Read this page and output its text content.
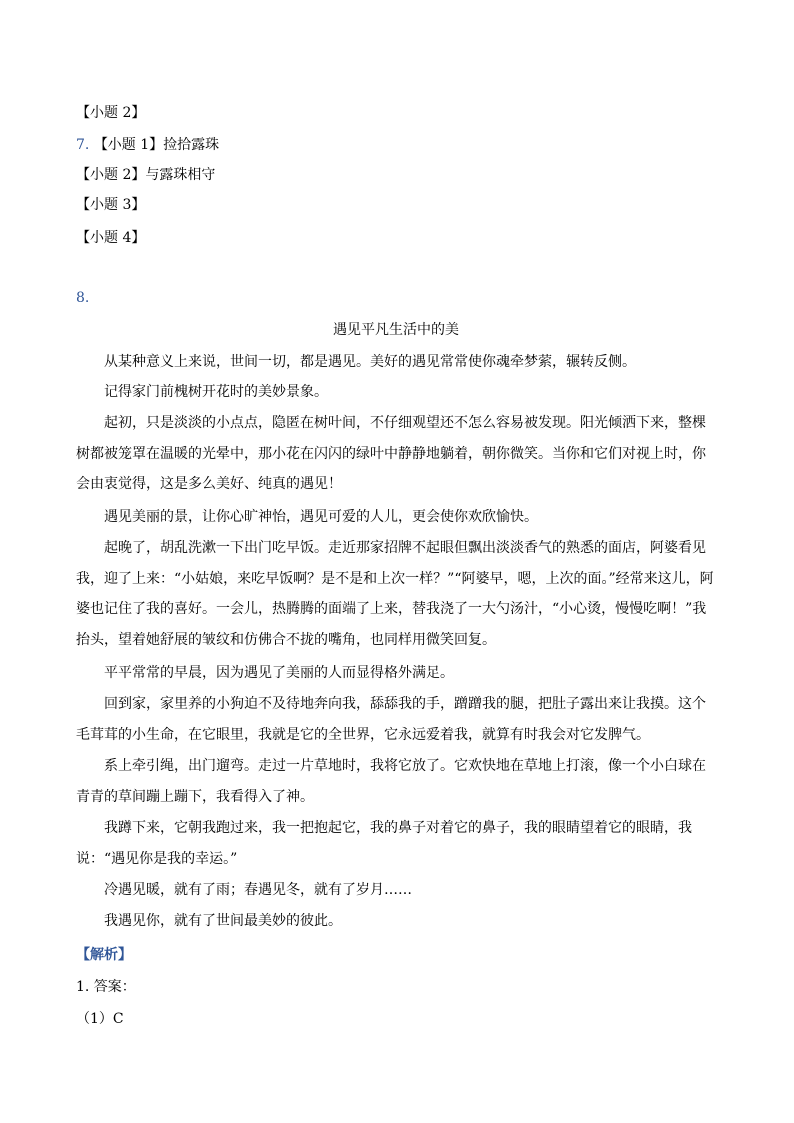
【小题 2】
7. 【小题 1】捡拾露珠
【小题 2】与露珠相守
【小题 3】
【小题 4】
8.
遇见平凡生活中的美
从某种意义上来说，世间一切，都是遇见。美好的遇见常常使你魂牵梦萦，辗转反侧。
记得家门前槐树开花时的美妙景象。
起初，只是淡淡的小点点，隐匿在树叶间，不仔细观望还不怎么容易被发现。阳光倾洒下来，整棵树都被笼罩在温暖的光晕中，那小花在闪闪的绿叶中静静地躺着，朝你微笑。当你和它们对视上时，你会由衷觉得，这是多么美好、纯真的遇见！
遇见美丽的景，让你心旷神怡，遇见可爱的人儿，更会使你欢欣愉快。
起晚了，胡乱洗漱一下出门吃早饭。走近那家招牌不起眼但飘出淡淡香气的熟悉的面店，阿婆看见我，迎了上来：“小姑娘，来吃早饭啊？是不是和上次一样？”“阿婆早，嗯，上次的面。”经常来这儿，阿婆也记住了我的喜好。一会儿，热腾腾的面端了上来，替我浇了一大勺汤汁，“小心烫，慢慢吃啊！”我抬头，望着她舒展的皱纹和仿佛合不拢的嘴角，也同样用微笑回复。
平平常常的早晨，因为遇见了美丽的人而显得格外满足。
回到家，家里养的小狗迫不及待地奔向我，舔舔我的手，蹭蹭我的腿，把肚子露出来让我摸。这个毛茸茸的小生命，在它眼里，我就是它的全世界，它永远爱着我，就算有时我会对它发脾气。
系上牵引绳，出门遛弯。走过一片草地时，我将它放了。它欢快地在草地上打滚，像一个小白球在青青的草间蹦上蹦下，我看得入了神。
我蹲下来，它朝我跑过来，我一把抱起它，我的鼻子对着它的鼻子，我的眼睛望着它的眼睛，我说：“遇见你是我的幸运。”
冷遇见暖，就有了雨；春遇见冬，就有了岁月……
我遇见你，就有了世间最美妙的彼此。
【解析】
1. 答案：
（1）C
